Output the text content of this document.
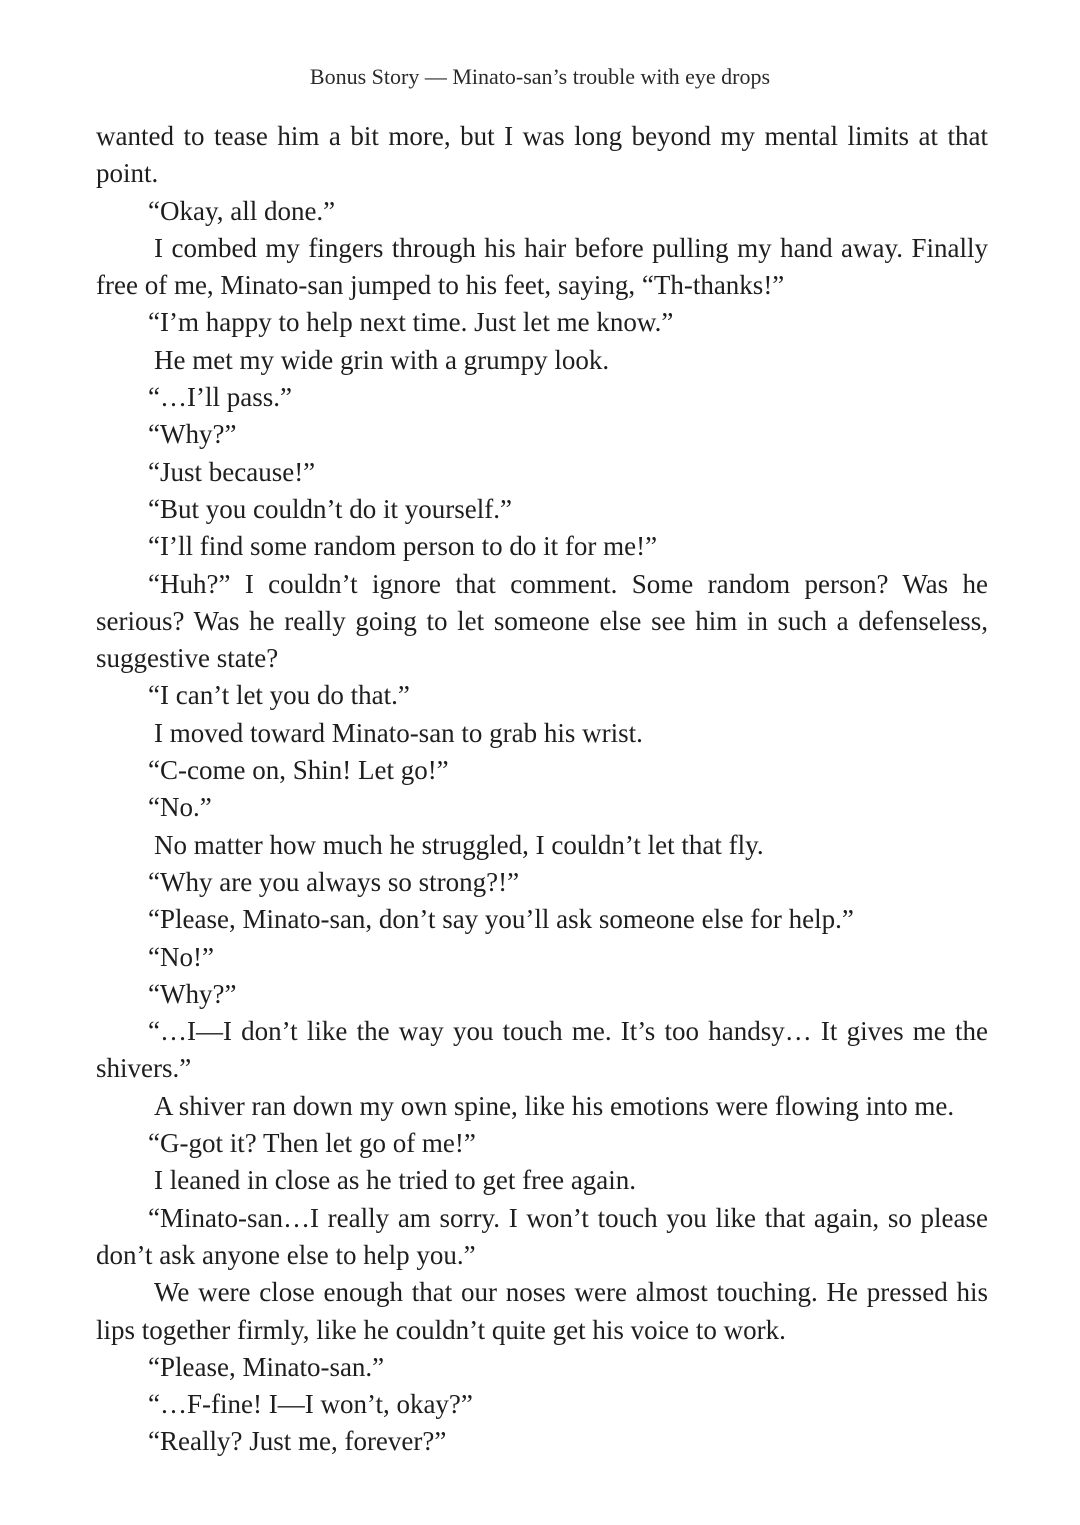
Bonus Story — Minato-san’s trouble with eye drops

wanted to tease him a bit more, but I was long beyond my mental limits at that point.

“Okay, all done.”

I combed my fingers through his hair before pulling my hand away. Finally free of me, Minato-san jumped to his feet, saying, “Th-thanks!”

“I’m happy to help next time. Just let me know.”

He met my wide grin with a grumpy look.

“…I’ll pass.”

“Why?”

“Just because!”

“But you couldn’t do it yourself.”

“I’ll find some random person to do it for me!”

“Huh?” I couldn’t ignore that comment. Some random person? Was he serious? Was he really going to let someone else see him in such a defenseless, suggestive state?

“I can’t let you do that.”

I moved toward Minato-san to grab his wrist.

“C-come on, Shin! Let go!”

“No.”

No matter how much he struggled, I couldn’t let that fly.

“Why are you always so strong?!”

“Please, Minato-san, don’t say you’ll ask someone else for help.”

“No!”

“Why?”

“…I—I don’t like the way you touch me. It’s too handsy… It gives me the shivers.”

A shiver ran down my own spine, like his emotions were flowing into me.

“G-got it? Then let go of me!”

I leaned in close as he tried to get free again.

“Minato-san…I really am sorry. I won’t touch you like that again, so please don’t ask anyone else to help you.”

We were close enough that our noses were almost touching. He pressed his lips together firmly, like he couldn’t quite get his voice to work.

“Please, Minato-san.”

“…F-fine! I—I won’t, okay?”

“Really? Just me, forever?”
